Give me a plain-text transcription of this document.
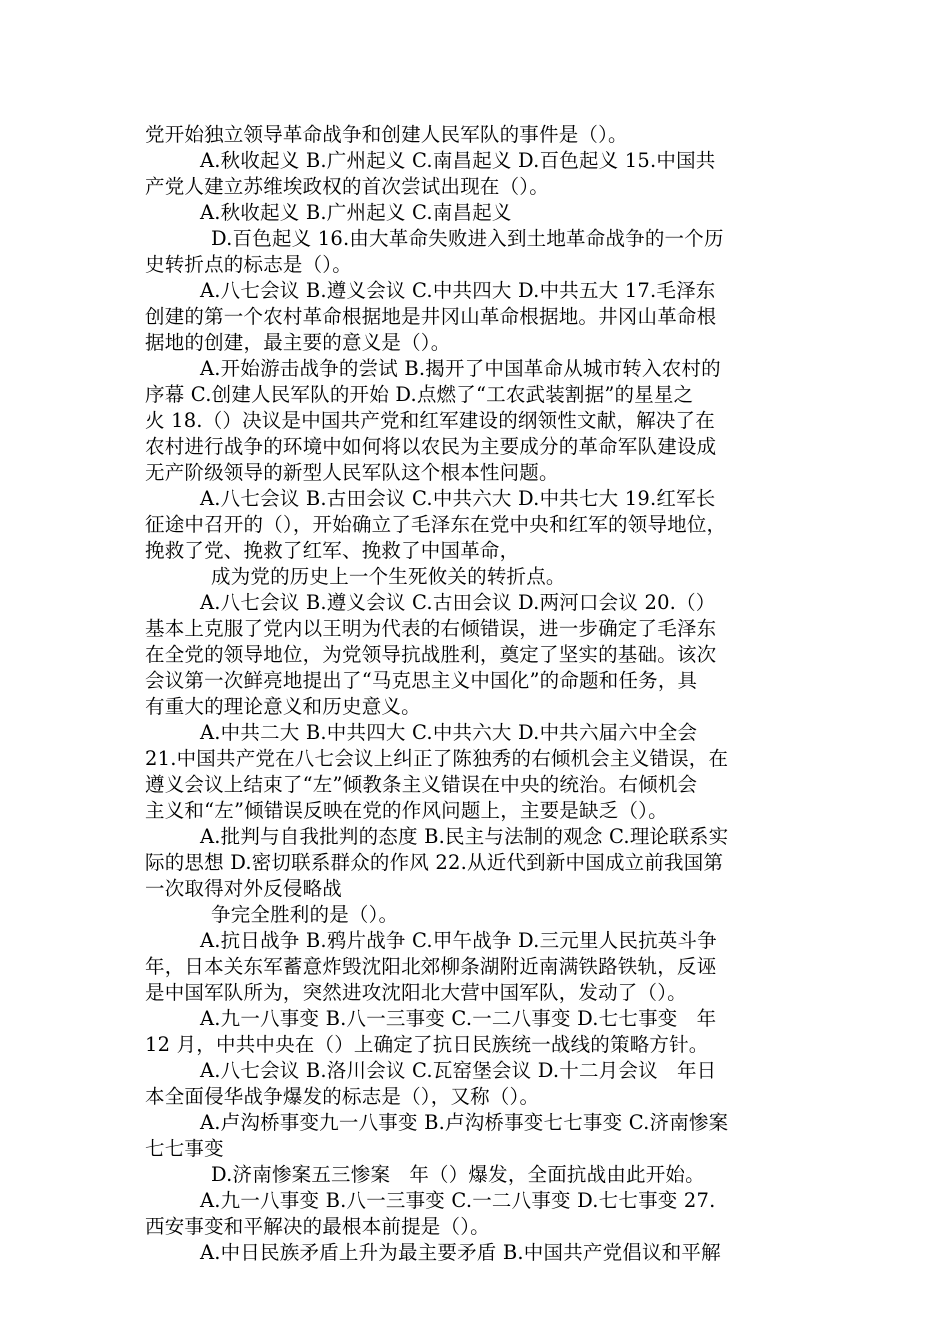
党开始独立领导革命战争和创建人民军队的事件是（）。
A.秋收起义 B.广州起义 C.南昌起义 D.百色起义 15.中国共
产党人建立苏维埃政权的首次尝试出现在（）。
A.秋收起义 B.广州起义 C.南昌起义
D.百色起义 16.由大革命失败进入到土地革命战争的一个历
史转折点的标志是（）。
A.八七会议 B.遵义会议 C.中共四大 D.中共五大 17.毛泽东
创建的第一个农村革命根据地是井冈山革命根据地。井冈山革命根
据地的创建，最主要的意义是（）。
A.开始游击战争的尝试 B.揭开了中国革命从城市转入农村的
序幕 C.创建人民军队的开始 D.点燃了“工农武装割据”的星星之
火 18.（）决议是中国共产党和红军建设的纲领性文献，解决了在
农村进行战争的环境中如何将以农民为主要成分的革命军队建设成
无产阶级领导的新型人民军队这个根本性问题。
A.八七会议 B.古田会议 C.中共六大 D.中共七大 19.红军长
征途中召开的（），开始确立了毛泽东在党中央和红军的领导地位，
挽救了党、挽救了红军、挽救了中国革命，
成为党的历史上一个生死攸关的转折点。
A.八七会议 B.遵义会议 C.古田会议 D.两河口会议 20.（）
基本上克服了党内以王明为代表的右倾错误，进一步确定了毛泽东
在全党的领导地位，为党领导抗战胜利，奠定了坚实的基础。该次
会议第一次鲜亮地提出了“马克思主义中国化”的命题和任务，具
有重大的理论意义和历史意义。
A.中共二大 B.中共四大 C.中共六大 D.中共六届六中全会
21.中国共产党在八七会议上纠正了陈独秀的右倾机会主义错误，在
遵义会议上结束了“左”倾教条主义错误在中央的统治。右倾机会
主义和“左”倾错误反映在党的作风问题上，主要是缺乏（）。
A.批判与自我批判的态度 B.民主与法制的观念 C.理论联系实
际的思想 D.密切联系群众的作风 22.从近代到新中国成立前我国第
一次取得对外反侵略战
争完全胜利的是（）。
A.抗日战争 B.鸦片战争 C.甲午战争 D.三元里人民抗英斗争
年，日本关东军蓄意炸毁沈阳北郊柳条湖附近南满铁路铁轨，反诬
是中国军队所为，突然进攻沈阳北大营中国军队，发动了（）。
A.九一八事变 B.八一三事变 C.一二八事变 D.七七事变   年
12 月，中共中央在（）上确定了抗日民族统一战线的策略方针。
A.八七会议 B.洛川会议 C.瓦窑堡会议 D.十二月会议   年日
本全面侵华战争爆发的标志是（），又称（）。
A.卢沟桥事变九一八事变 B.卢沟桥事变七七事变 C.济南惨案
七七事变
D.济南惨案五三惨案   年（）爆发，全面抗战由此开始。
A.九一八事变 B.八一三事变 C.一二八事变 D.七七事变 27.
西安事变和平解决的最根本前提是（）。
A.中日民族矛盾上升为最主要矛盾 B.中国共产党倡议和平解
